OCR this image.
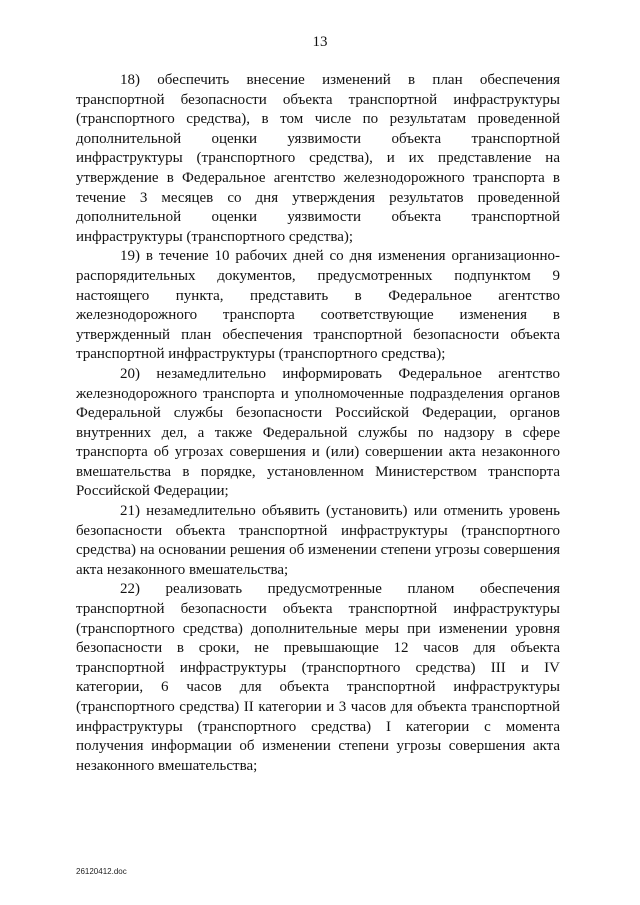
13

18) обеспечить внесение изменений в план обеспечения транспортной безопасности объекта транспортной инфраструктуры (транспортного средства), в том числе по результатам проведенной дополнительной оценки уязвимости объекта транспортной инфраструктуры (транспортного средства), и их представление на утверждение в Федеральное агентство железнодорожного транспорта в течение 3 месяцев со дня утверждения результатов проведенной дополнительной оценки уязвимости объекта транспортной инфраструктуры (транспортного средства);

19) в течение 10 рабочих дней со дня изменения организационно-распорядительных документов, предусмотренных подпунктом 9 настоящего пункта, представить в Федеральное агентство железнодорожного транспорта соответствующие изменения в утвержденный план обеспечения транспортной безопасности объекта транспортной инфраструктуры (транспортного средства);

20) незамедлительно информировать Федеральное агентство железнодорожного транспорта и уполномоченные подразделения органов Федеральной службы безопасности Российской Федерации, органов внутренних дел, а также Федеральной службы по надзору в сфере транспорта об угрозах совершения и (или) совершении акта незаконного вмешательства в порядке, установленном Министерством транспорта Российской Федерации;

21) незамедлительно объявить (установить) или отменить уровень безопасности объекта транспортной инфраструктуры (транспортного средства) на основании решения об изменении степени угрозы совершения акта незаконного вмешательства;

22) реализовать предусмотренные планом обеспечения транспортной безопасности объекта транспортной инфраструктуры (транспортного средства) дополнительные меры при изменении уровня безопасности в сроки, не превышающие 12 часов для объекта транспортной инфраструктуры (транспортного средства) III и IV категории, 6 часов для объекта транспортной инфраструктуры (транспортного средства) II категории и 3 часов для объекта транспортной инфраструктуры (транспортного средства) I категории с момента получения информации об изменении степени угрозы совершения акта незаконного вмешательства;

26120412.doc
